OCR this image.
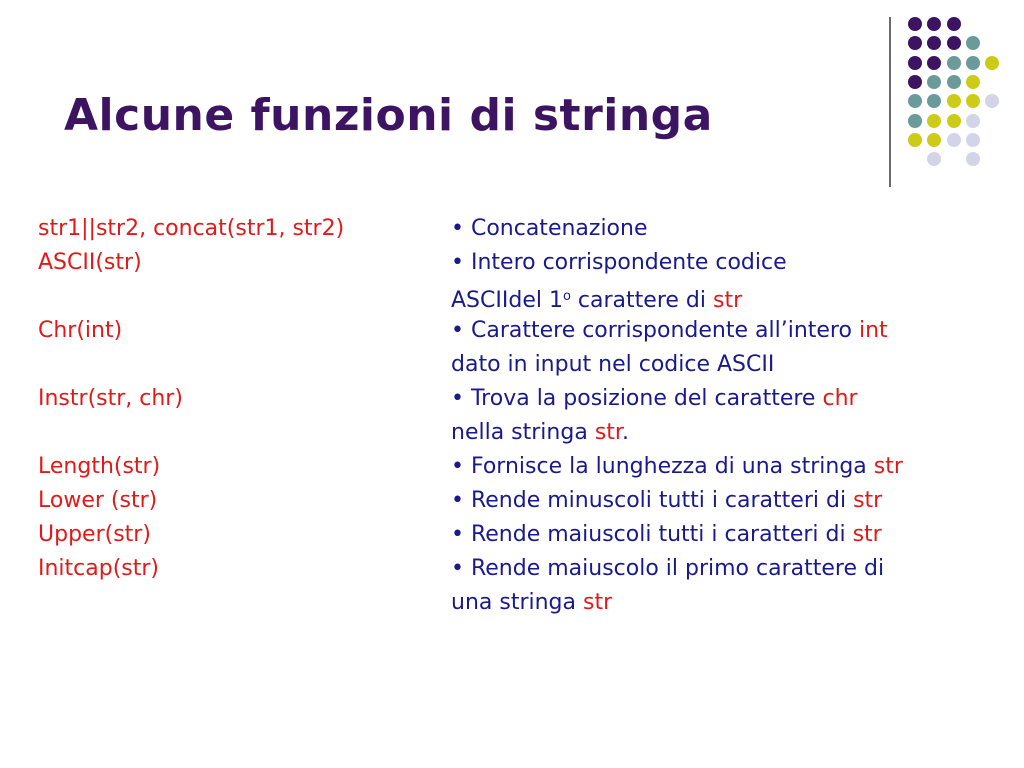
Alcune funzioni di stringa
str1||str2, concat(str1, str2)
ASCII(str)
Chr(int)
Instr(str, chr)
Length(str)
Lower (str)
Upper(str)
Initcap(str)
• Concatenazione
• Intero corrispondente codice
ASCIIdel 1$^o$ carattere di str
• Carattere corrispondente all’intero int
dato in input nel codice ASCII
• Trova la posizione del carattere chr
nella stringa str.
• Fornisce la lunghezza di una stringa str
• Rende minuscoli tutti i caratteri di str
• Rende maiuscoli tutti i caratteri di str
• Rende maiuscolo il primo carattere di
una stringa str
